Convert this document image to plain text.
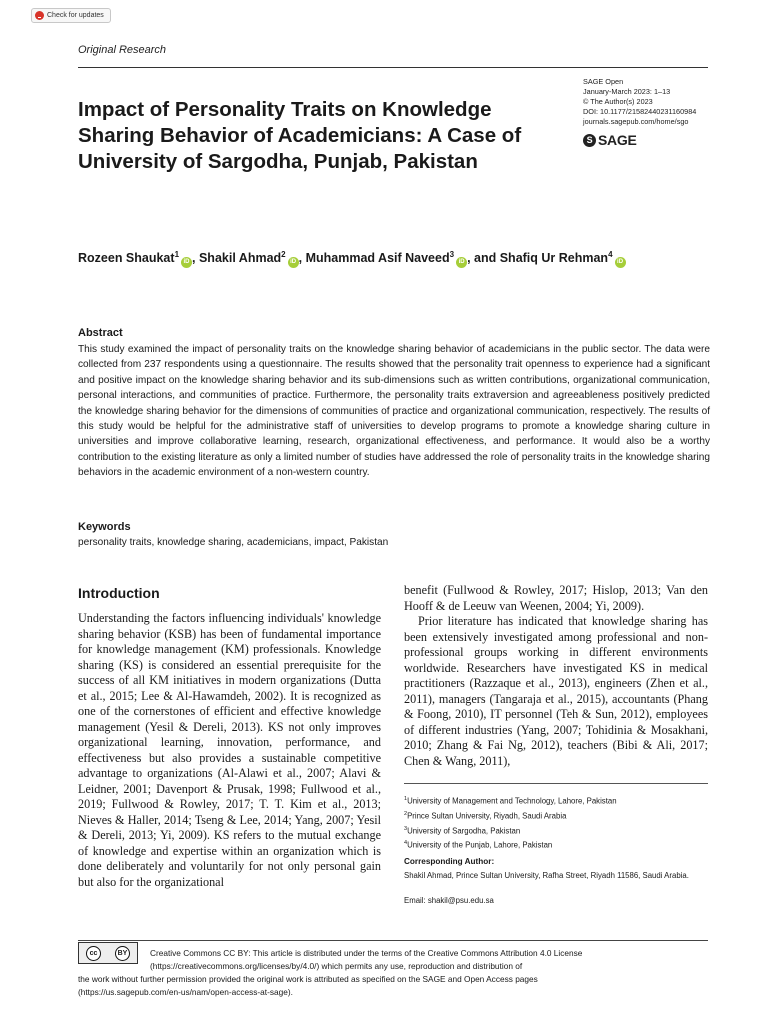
Check for updates
Original Research
SAGE Open
January-March 2023: 1–13
© The Author(s) 2023
DOI: 10.1177/21582440231160984
journals.sagepub.com/home/sgo
S SAGE
Impact of Personality Traits on Knowledge Sharing Behavior of Academicians: A Case of University of Sargodha, Punjab, Pakistan
Rozeen Shaukat$^1$iD , Shakil Ahmad$^2$iD , Muhammad Asif Naveed$^3$iD , and Shafiq Ur Rehman$^4$iD
Abstract
This study examined the impact of personality traits on the knowledge sharing behavior of academicians in the public sector. The data were collected from 237 respondents using a questionnaire. The results showed that the personality trait openness to experience had a significant and positive impact on the knowledge sharing behavior and its sub-dimensions such as written contributions, organizational communication, personal interactions, and communities of practice. Furthermore, the personality traits extraversion and agreeableness positively predicted the knowledge sharing behavior for the dimensions of communities of practice and organizational communication, respectively. The results of this study would be helpful for the administrative staff of universities to develop programs to promote a knowledge sharing culture in universities and improve collaborative learning, research, organizational effectiveness, and performance. It would also be a worthy contribution to the existing literature as only a limited number of studies have addressed the role of personality traits in the knowledge sharing behaviors in the academic environment of a non-western country.
Keywords
personality traits, knowledge sharing, academicians, impact, Pakistan
Introduction
Understanding the factors influencing individuals' knowledge sharing behavior (KSB) has been of fundamental importance for knowledge management (KM) professionals. Knowledge sharing (KS) is considered an essential prerequisite for the success of all KM initiatives in modern organizations (Dutta et al., 2015; Lee & Al-Hawamdeh, 2002). It is recognized as one of the cornerstones of efficient and effective knowledge management (Yesil & Dereli, 2013). KS not only improves organizational learning, innovation, performance, and effectiveness but also provides a sustainable competitive advantage to organizations (Al-Alawi et al., 2007; Alavi & Leidner, 2001; Davenport & Prusak, 1998; Fullwood et al., 2019; Fullwood & Rowley, 2017; T. T. Kim et al., 2013; Nieves & Haller, 2014; Tseng & Lee, 2014; Yang, 2007; Yesil & Dereli, 2013; Yi, 2009). KS refers to the mutual exchange of knowledge and expertise within an organization which is done deliberately and voluntarily for not only personal gain but also for the organizational

benefit (Fullwood & Rowley, 2017; Hislop, 2013; Van den Hooff & de Leeuw van Weenen, 2004; Yi, 2009).

Prior literature has indicated that knowledge sharing has been extensively investigated among professional and non-professional groups working in different environments worldwide. Researchers have investigated KS in medical practitioners (Razzaque et al., 2013), engineers (Zhen et al., 2011), managers (Tangaraja et al., 2015), accountants (Phang & Foong, 2010), IT personnel (Teh & Sun, 2012), employees of different industries (Yang, 2007; Tohidinia & Mosakhani, 2010; Zhang & Fai Ng, 2012), teachers (Bibi & Ali, 2017; Chen & Wang, 2011),

$^1$University of Management and Technology, Lahore, Pakistan
$^2$Prince Sultan University, Riyadh, Saudi Arabia
$^3$University of Sargodha, Pakistan
$^4$University of the Punjab, Lahore, Pakistan
Corresponding Author:
Shakil Ahmad, Prince Sultan University, Rafha Street, Riyadh 11586, Saudi Arabia.
Email: shakil@psu.edu.sa
cc	BY	Creative Commons CC BY: This article is distributed under the terms of the Creative Commons Attribution 4.0 License
(https://creativecommons.org/licenses/by/4.0/) which permits any use, reproduction and distribution of
the work without further permission provided the original work is attributed as specified on the SAGE and Open Access pages
(https://us.sagepub.com/en-us/nam/open-access-at-sage).
